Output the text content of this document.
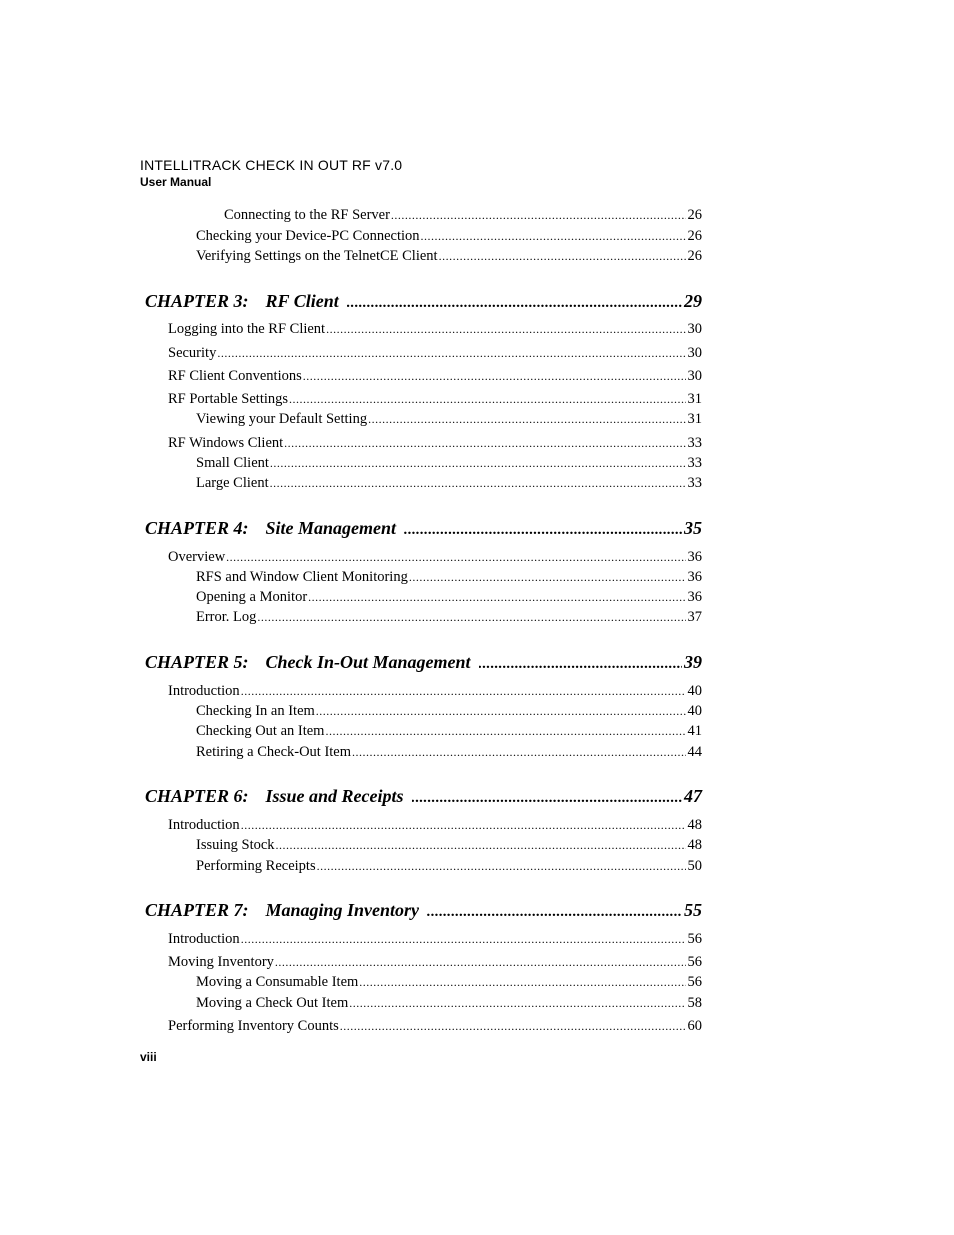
INTELLITRACK CHECK IN OUT RF v7.0
User Manual
Connecting to the RF Server .....	26
Checking your Device-PC Connection .....	26
Verifying Settings on the TelnetCE Client .....	26
CHAPTER 3: RF Client .....	29
Logging into the RF Client .....	30
Security .....	30
RF Client Conventions .....	30
RF Portable Settings .....	31
Viewing your Default Setting .....	31
RF Windows Client .....	33
Small Client .....	33
Large Client .....	33
CHAPTER 4: Site Management .....	35
Overview .....	36
RFS and Window Client Monitoring .....	36
Opening a Monitor .....	36
Error. Log .....	37
CHAPTER 5: Check In-Out Management .....	39
Introduction .....	40
Checking In an Item .....	40
Checking Out an Item .....	41
Retiring a Check-Out Item .....	44
CHAPTER 6: Issue and Receipts .....	47
Introduction .....	48
Issuing Stock .....	48
Performing Receipts .....	50
CHAPTER 7: Managing Inventory .....	55
Introduction .....	56
Moving Inventory .....	56
Moving a Consumable Item .....	56
Moving a Check Out Item .....	58
Performing Inventory Counts .....	60
viii
